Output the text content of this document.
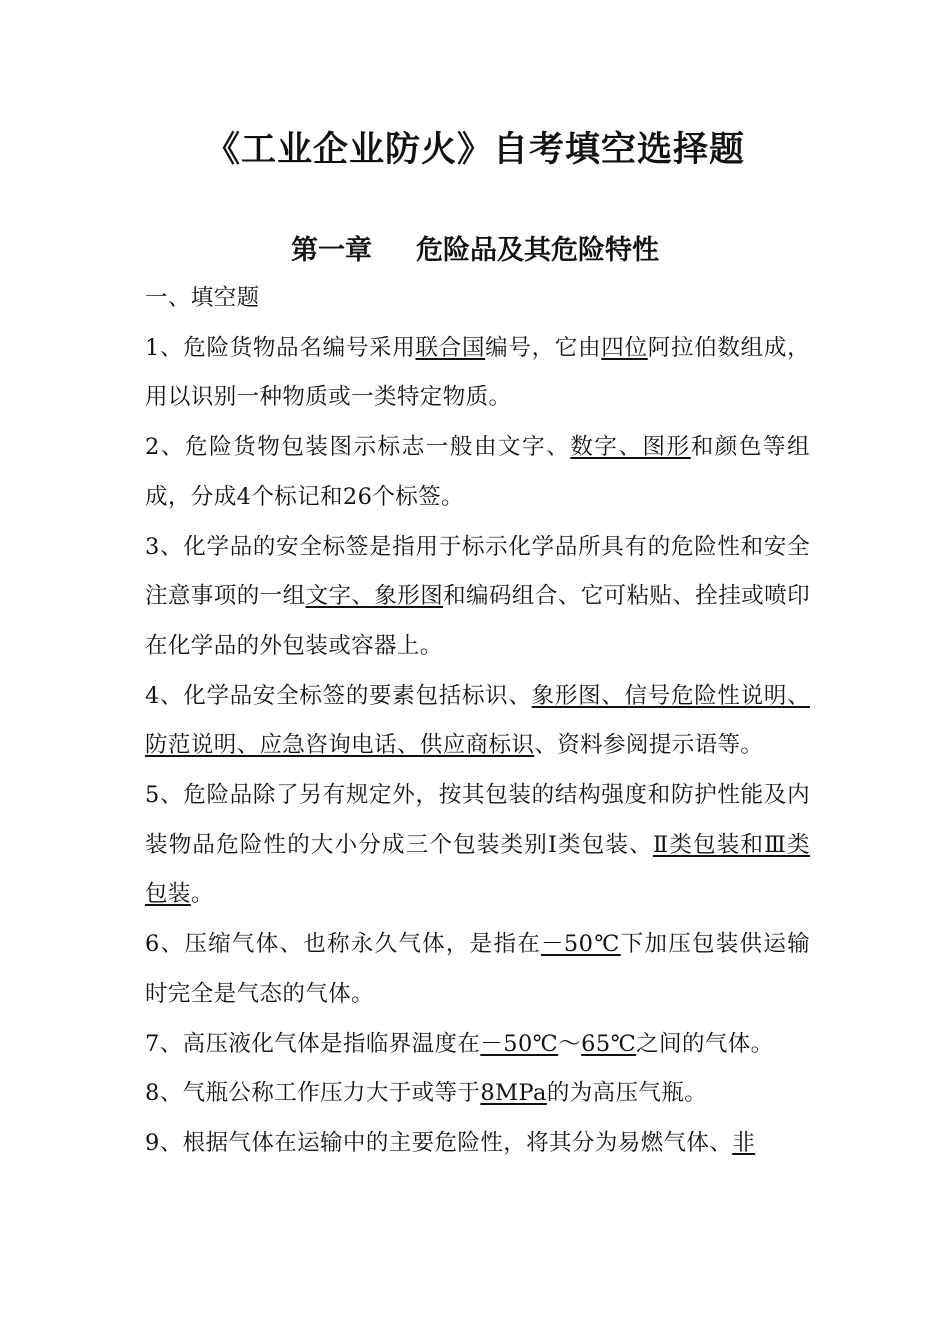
《工业企业防火》自考填空选择题
第一章 危险品及其危险特性

一、填空题

1、危险货物品名编号采用联合国编号，它由四位阿拉伯数组成，用以识别一种物质或一类特定物质。

2、危险货物包装图示标志一般由文字、数字、图形和颜色等组成，分成4个标记和26个标签。

3、化学品的安全标签是指用于标示化学品所具有的危险性和安全注意事项的一组文字、象形图和编码组合、它可粘贴、拴挂或喷印在化学品的外包装或容器上。

4、化学品安全标签的要素包括标识、象形图、信号危险性说明、防范说明、应急咨询电话、供应商标识、资料参阅提示语等。

5、危险品除了另有规定外，按其包装的结构强度和防护性能及内装物品危险性的大小分成三个包装类别Ⅰ类包装、Ⅱ类包装和Ⅲ类包装。

6、压缩气体、也称永久气体，是指在－50℃下加压包装供运输时完全是气态的气体。

7、高压液化气体是指临界温度在－50℃～65℃之间的气体。

8、气瓶公称工作压力大于或等于8MPa的为高压气瓶。

9、根据气体在运输中的主要危险性，将其分为易燃气体、非
